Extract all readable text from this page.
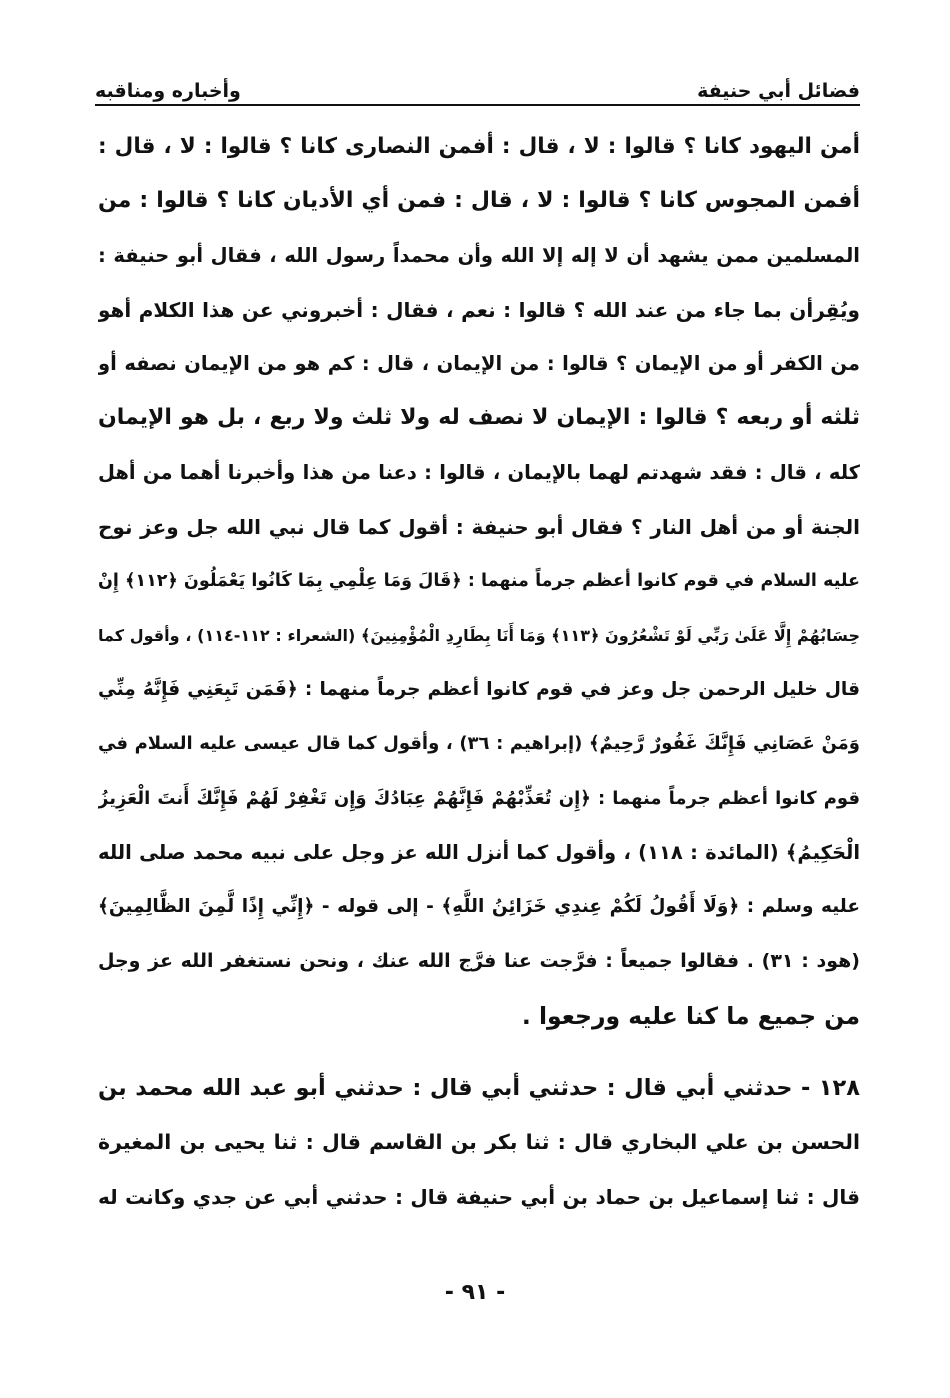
فضائل أبي حنيفة
وأخباره ومناقبه
أمن اليهود كانا ؟ قالوا : لا ، قال : أفمن النصارى كانا ؟ قالوا : لا ، قال :
أفمن المجوس كانا ؟ قالوا : لا ، قال : فمن أي الأديان كانا ؟ قالوا : من
المسلمين ممن يشهد أن لا إله إلا الله وأن محمداً رسول الله ، فقال أبو حنيفة :
ويُقِرأن بما جاء من عند الله ؟ قالوا : نعم ، فقال : أخبروني عن هذا الكلام أهو
من الكفر أو من الإيمان ؟ قالوا : من الإيمان ، قال : كم هو من الإيمان نصفه أو
ثلثه أو ربعه ؟ قالوا : الإيمان لا نصف له ولا ثلث ولا ربع ، بل هو الإيمان
كله ، قال : فقد شهدتم لهما بالإيمان ، قالوا : دعنا من هذا وأخبرنا أهما من أهل
الجنة أو من أهل النار ؟ فقال أبو حنيفة : أقول كما قال نبي الله جل وعز نوح
عليه السلام في قوم كانوا أعظم جرماً منهما : ﴿قَالَ وَمَا عِلْمِي بِمَا كَانُوا يَعْمَلُونَ ﴿١١٢﴾ إِنْ
حِسَابُهُمْ إِلَّا عَلَىٰ رَبِّي لَوْ تَشْعُرُونَ ﴿١١٣﴾ وَمَا أَنَا بِطَارِدِ الْمُؤْمِنِينَ﴾ (الشعراء : ١١٢-١١٤) ، وأقول كما
قال خليل الرحمن جل وعز في قوم كانوا أعظم جرماً منهما : ﴿فَمَن تَبِعَنِي فَإِنَّهُ مِنِّي
وَمَنْ عَصَانِي فَإِنَّكَ غَفُورٌ رَّحِيمٌ﴾ (إبراهيم : ٣٦) ، وأقول كما قال عيسى عليه السلام في
قوم كانوا أعظم جرماً منهما : ﴿إِن تُعَذِّبْهُمْ فَإِنَّهُمْ عِبَادُكَ وَإِن تَغْفِرْ لَهُمْ فَإِنَّكَ أَنتَ الْعَزِيزُ
الْحَكِيمُ﴾ (المائدة : ١١٨) ، وأقول كما أنزل الله عز وجل على نبيه محمد صلى الله
عليه وسلم : ﴿وَلَا أَقُولُ لَكُمْ عِندِي خَزَائِنُ اللَّهِ﴾ - إلى قوله - ﴿إِنِّي إِذًا لَّمِنَ الظَّالِمِينَ﴾
(هود : ٣١) . فقالوا جميعاً : فرَّجت عنا فرَّج الله عنك ، ونحن نستغفر الله عز وجل
من جميع ما كنا عليه ورجعوا .
١٢٨ - حدثني أبي قال : حدثني أبي قال : حدثني أبو عبد الله محمد بن
الحسن بن علي البخاري قال : ثنا بكر بن القاسم قال : ثنا يحيى بن المغيرة
قال : ثنا إسماعيل بن حماد بن أبي حنيفة قال : حدثني أبي عن جدي وكانت له
- ٩١ -
